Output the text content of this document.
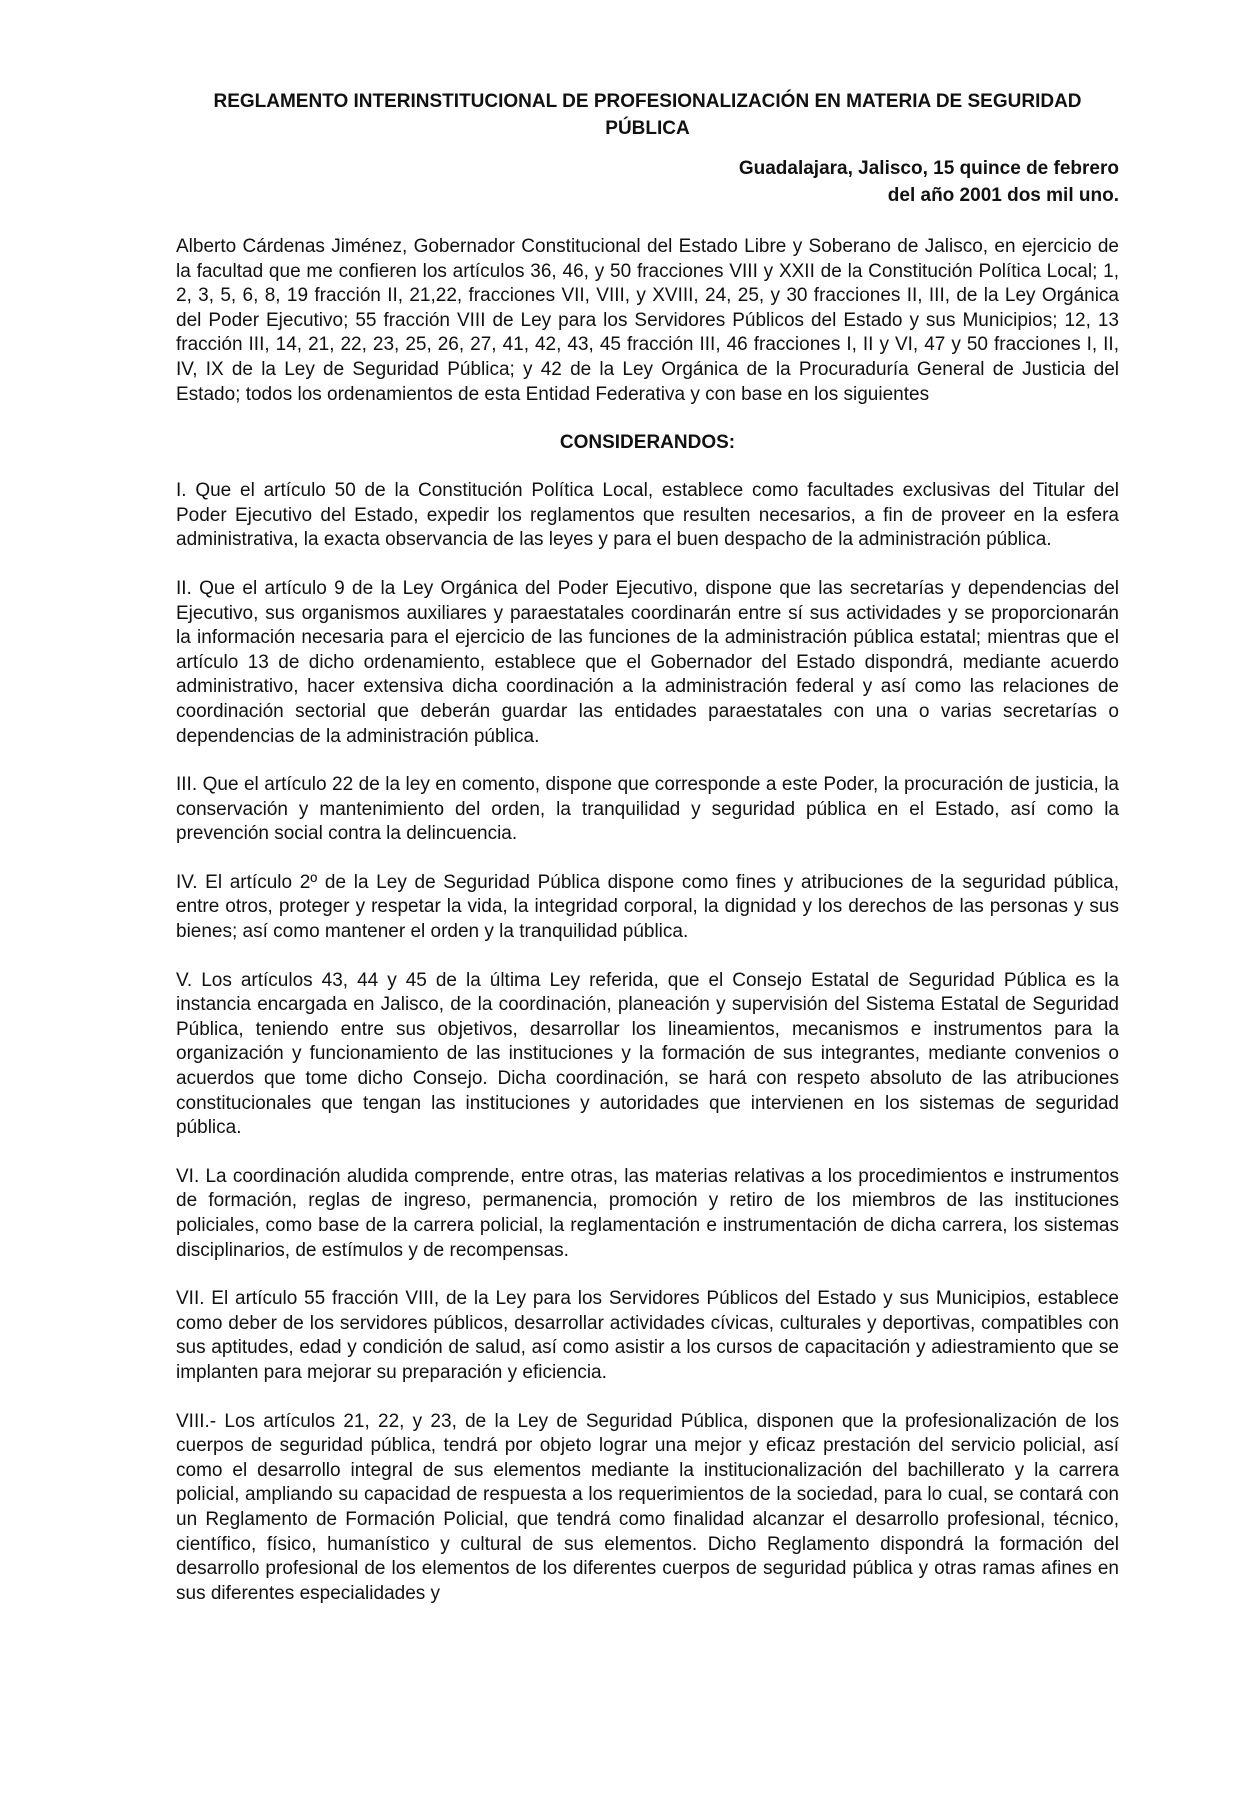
REGLAMENTO INTERINSTITUCIONAL DE PROFESIONALIZACIÓN EN MATERIA DE SEGURIDAD PÚBLICA
Guadalajara, Jalisco, 15 quince de febrero
del año 2001 dos mil uno.

Alberto Cárdenas Jiménez, Gobernador Constitucional del Estado Libre y Soberano de Jalisco, en ejercicio de la facultad que me confieren los artículos 36, 46, y 50 fracciones VIII y XXII de la Constitución Política Local; 1, 2, 3, 5, 6, 8, 19 fracción II, 21,22, fracciones VII, VIII, y XVIII, 24, 25, y 30 fracciones II, III, de la Ley Orgánica del Poder Ejecutivo; 55 fracción VIII de Ley para los Servidores Públicos del Estado y sus Municipios; 12, 13 fracción III, 14, 21, 22, 23, 25, 26, 27, 41, 42, 43, 45 fracción III, 46 fracciones I, II y VI, 47 y 50 fracciones I, II, IV, IX de la Ley de Seguridad Pública; y 42 de la Ley Orgánica de la Procuraduría General de Justicia del Estado; todos los ordenamientos de esta Entidad Federativa y con base en los siguientes

CONSIDERANDOS:

I. Que el artículo 50 de la Constitución Política Local, establece como facultades exclusivas del Titular del Poder Ejecutivo del Estado, expedir los reglamentos que resulten necesarios, a fin de proveer en la esfera administrativa, la exacta observancia de las leyes y para el buen despacho de la administración pública.

II. Que el artículo 9 de la Ley Orgánica del Poder Ejecutivo, dispone que las secretarías y dependencias del Ejecutivo, sus organismos auxiliares y paraestatales coordinarán entre sí sus actividades y se proporcionarán la información necesaria para el ejercicio de las funciones de la administración pública estatal; mientras que el artículo 13 de dicho ordenamiento, establece que el Gobernador del Estado dispondrá, mediante acuerdo administrativo, hacer extensiva dicha coordinación a la administración federal y así como las relaciones de coordinación sectorial que deberán guardar las entidades paraestatales con una o varias secretarías o dependencias de la administración pública.

III. Que el artículo 22 de la ley en comento, dispone que corresponde a este Poder, la procuración de justicia, la conservación y mantenimiento del orden, la tranquilidad y seguridad pública en el Estado, así como la prevención social contra la delincuencia.

IV. El artículo 2º de la Ley de Seguridad Pública dispone como fines y atribuciones de la seguridad pública, entre otros, proteger y respetar la vida, la integridad corporal, la dignidad y los derechos de las personas y sus bienes; así como mantener el orden y la tranquilidad pública.

V. Los artículos 43, 44 y 45 de la última Ley referida, que el Consejo Estatal de Seguridad Pública es la instancia encargada en Jalisco, de la coordinación, planeación y supervisión del Sistema Estatal de Seguridad Pública, teniendo entre sus objetivos, desarrollar los lineamientos, mecanismos e instrumentos para la organización y funcionamiento de las instituciones y la formación de sus integrantes, mediante convenios o acuerdos que tome dicho Consejo. Dicha coordinación, se hará con respeto absoluto de las atribuciones constitucionales que tengan las instituciones y autoridades que intervienen en los sistemas de seguridad pública.

VI. La coordinación aludida comprende, entre otras, las materias relativas a los procedimientos e instrumentos de formación, reglas de ingreso, permanencia, promoción y retiro de los miembros de las instituciones policiales, como base de la carrera policial, la reglamentación e instrumentación de dicha carrera, los sistemas disciplinarios, de estímulos y de recompensas.

VII. El artículo 55 fracción VIII, de la Ley para los Servidores Públicos del Estado y sus Municipios, establece como deber de los servidores públicos, desarrollar actividades cívicas, culturales y deportivas, compatibles con sus aptitudes, edad y condición de salud, así como asistir a los cursos de capacitación y adiestramiento que se implanten para mejorar su preparación y eficiencia.

VIII.- Los artículos 21, 22, y 23, de la Ley de Seguridad Pública, disponen que la profesionalización de los cuerpos de seguridad pública, tendrá por objeto lograr una mejor y eficaz prestación del servicio policial, así como el desarrollo integral de sus elementos mediante la institucionalización del bachillerato y la carrera policial, ampliando su capacidad de respuesta a los requerimientos de la sociedad, para lo cual, se contará con un Reglamento de Formación Policial, que tendrá como finalidad alcanzar el desarrollo profesional, técnico, científico, físico, humanístico y cultural de sus elementos. Dicho Reglamento dispondrá la formación del desarrollo profesional de los elementos de los diferentes cuerpos de seguridad pública y otras ramas afines en sus diferentes especialidades y
